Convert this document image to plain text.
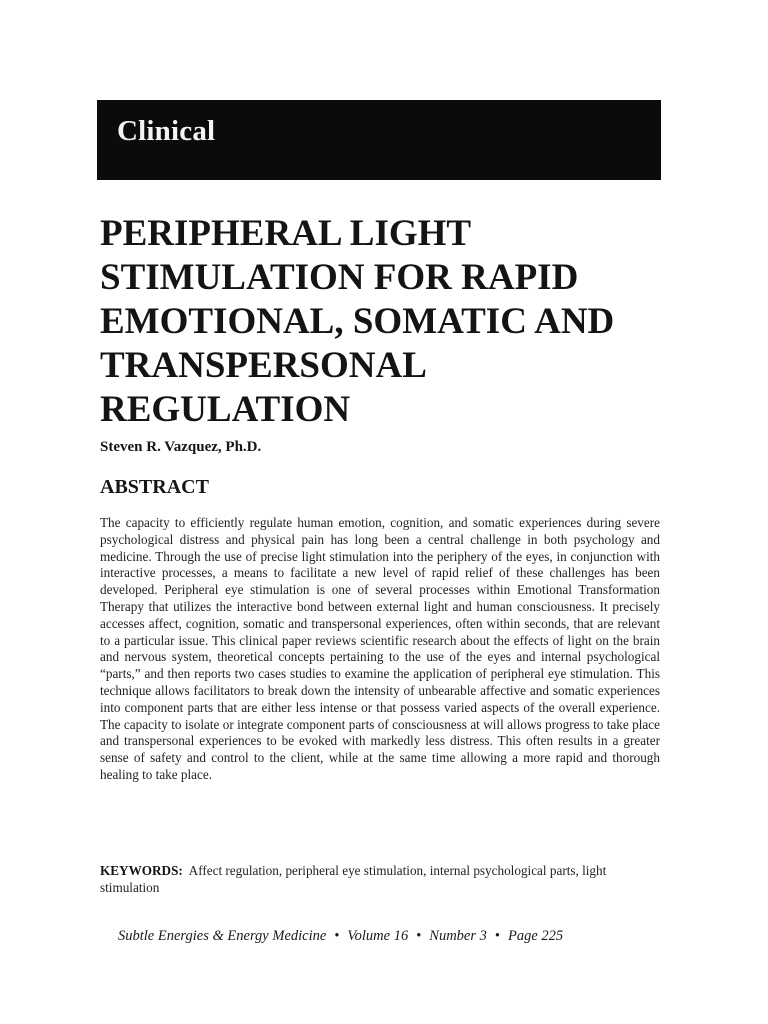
Clinical
PERIPHERAL LIGHT
STIMULATION FOR RAPID
EMOTIONAL, SOMATIC AND
TRANSPERSONAL
REGULATION

Steven R. Vazquez, Ph.D.

ABSTRACT

The capacity to efficiently regulate human emotion, cognition, and somatic experiences during severe psychological distress and physical pain has long been a central challenge in both psychology and medicine. Through the use of precise light stimulation into the periphery of the eyes, in conjunction with interactive processes, a means to facilitate a new level of rapid relief of these challenges has been developed. Peripheral eye stimulation is one of several processes within Emotional Transformation Therapy that utilizes the interactive bond between external light and human consciousness. It precisely accesses affect, cognition, somatic and transpersonal experiences, often within seconds, that are relevant to a particular issue. This clinical paper reviews scientific research about the effects of light on the brain and nervous system, theoretical concepts pertaining to the use of the eyes and internal psychological “parts,” and then reports two cases studies to examine the application of peripheral eye stimulation. This technique allows facilitators to break down the intensity of unbearable affective and somatic experiences into component parts that are either less intense or that possess varied aspects of the overall experience. The capacity to isolate or integrate component parts of consciousness at will allows progress to take place and transpersonal experiences to be evoked with markedly less distress. This often results in a greater sense of safety and control to the client, while at the same time allowing a more rapid and thorough healing to take place.

KEYWORDS: Affect regulation, peripheral eye stimulation, internal psychological parts, light stimulation

Subtle Energies & Energy Medicine • Volume 16 • Number 3 • Page 225
